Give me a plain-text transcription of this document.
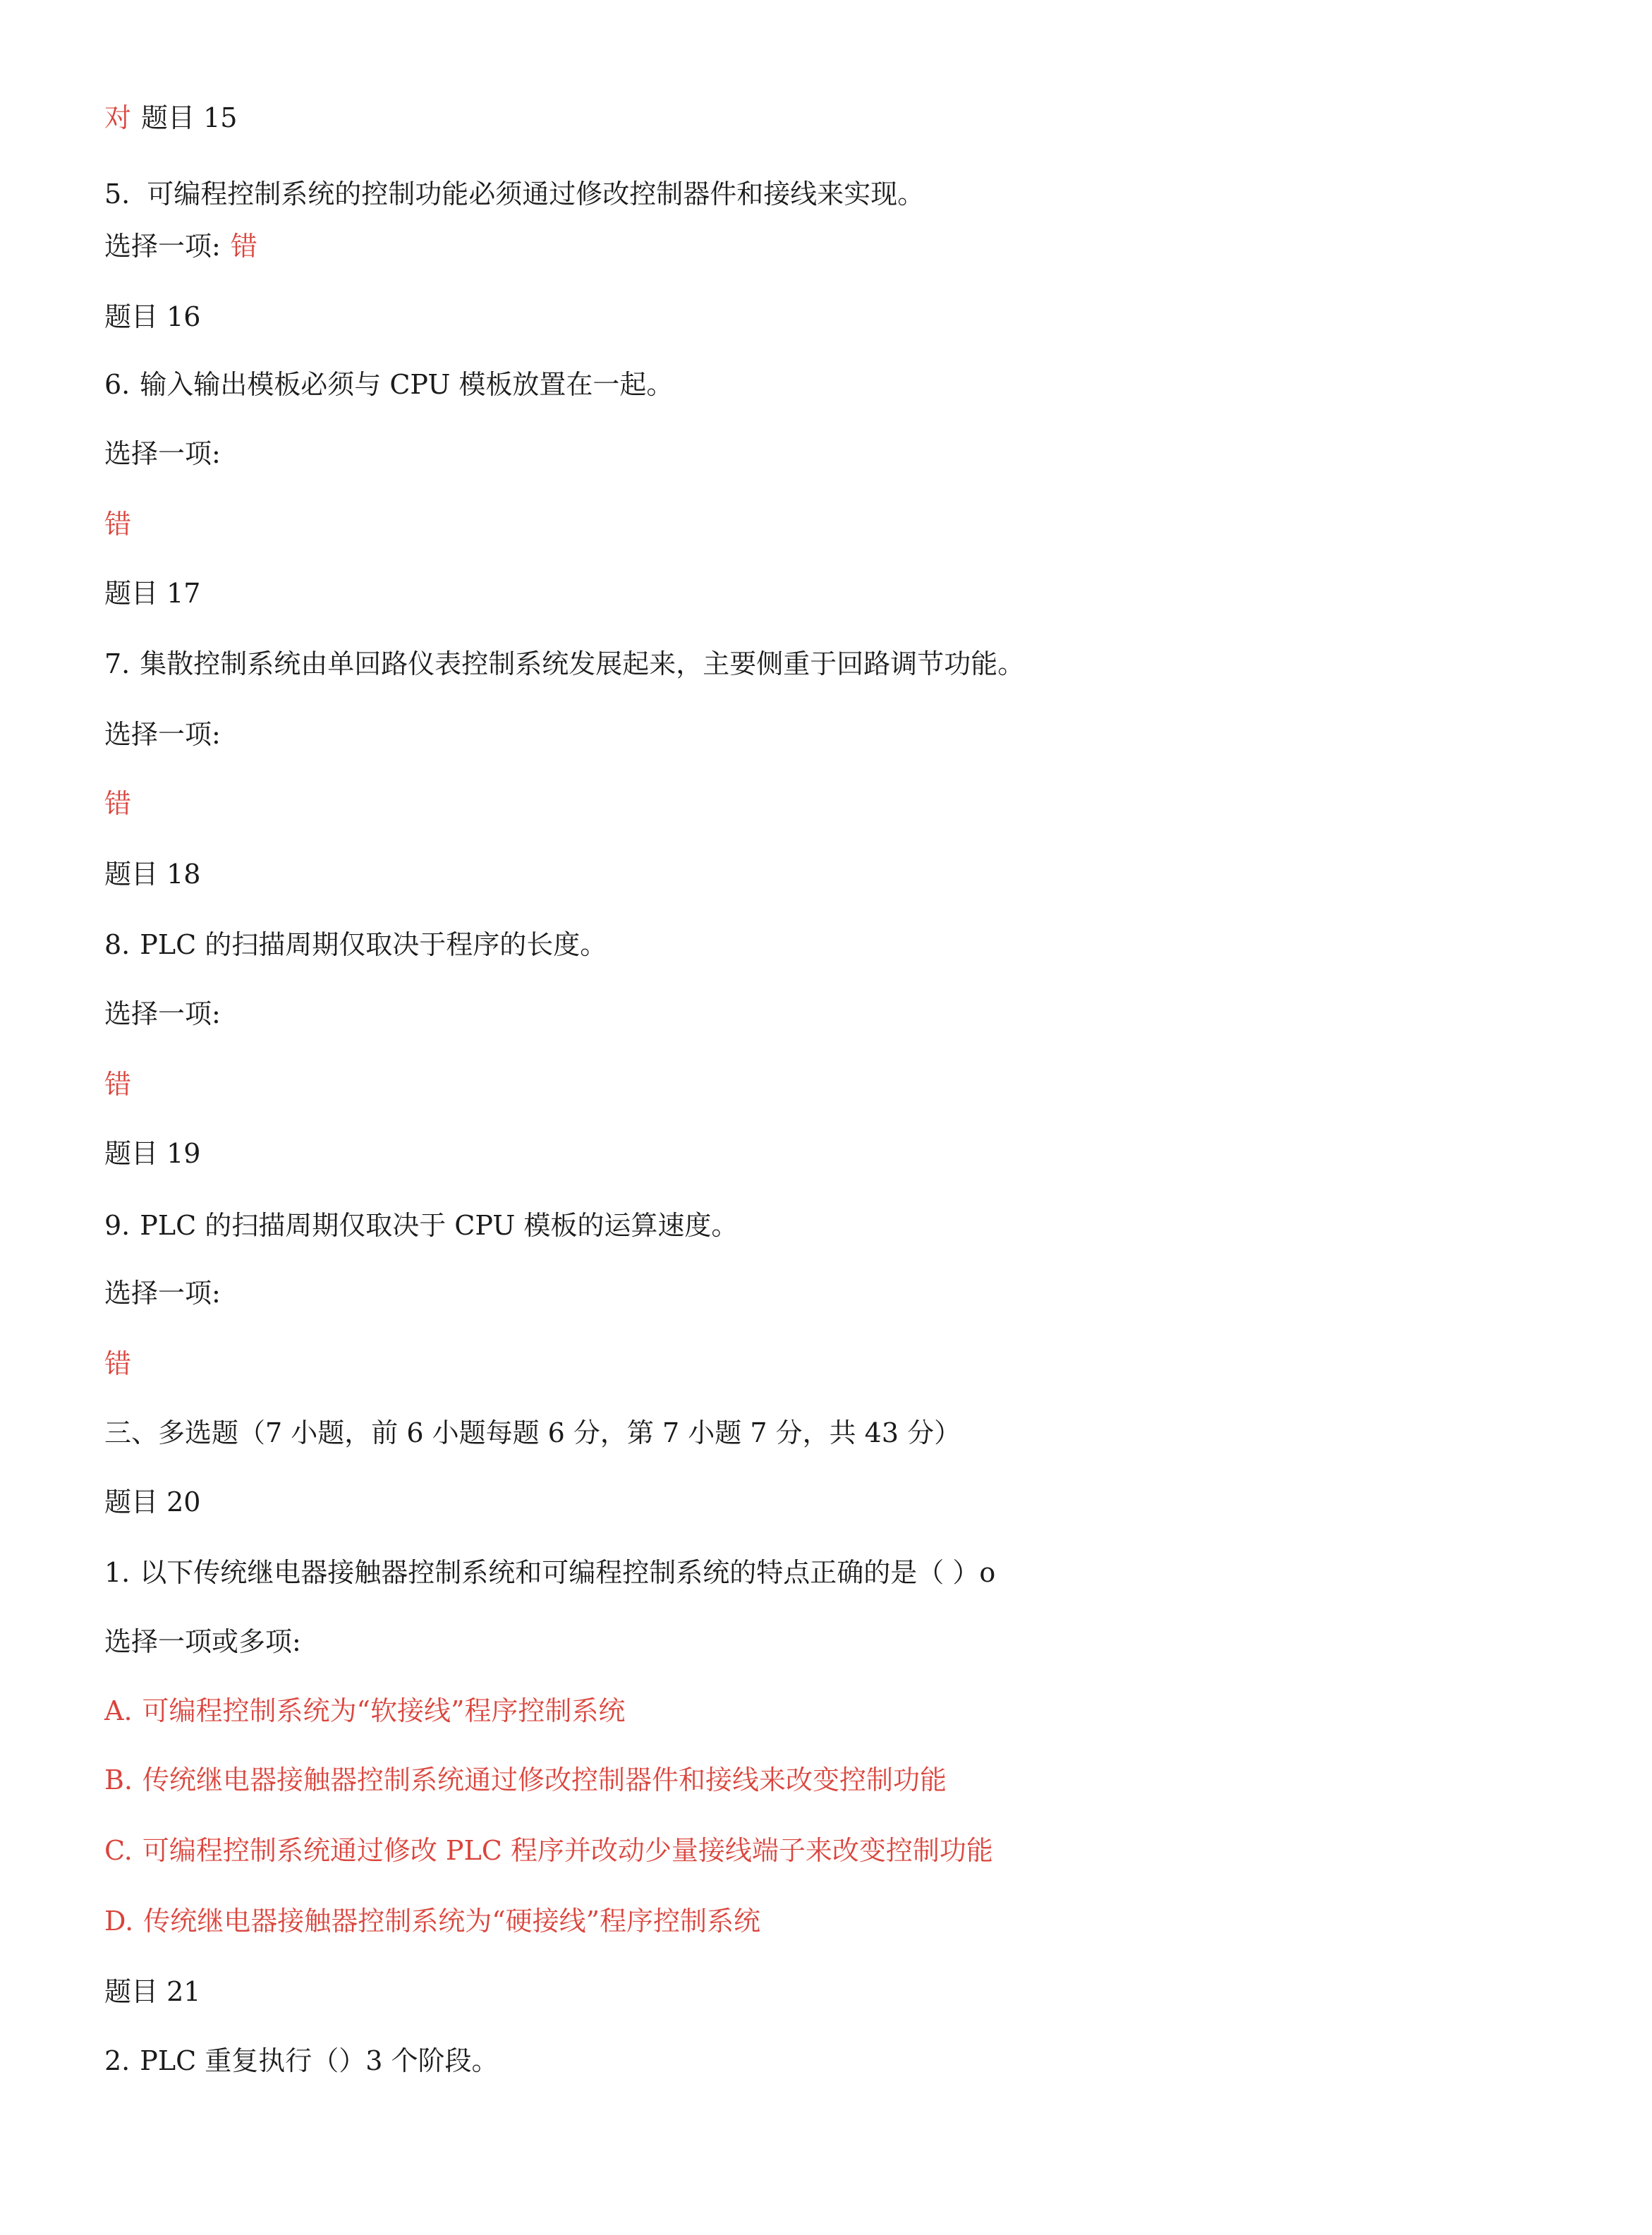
对 题目 15
5. 可编程控制系统的控制功能必须通过修改控制器件和接线来实现。
选择一项: 错
题目 16
6. 输入输出模板必须与 CPU 模板放置在一起。
选择一项:
错
题目 17
7. 集散控制系统由单回路仪表控制系统发展起来，主要侧重于回路调节功能。
选择一项:
错
题目 18
8. PLC 的扫描周期仅取决于程序的长度。
选择一项:
错
题目 19
9. PLC 的扫描周期仅取决于 CPU 模板的运算速度。
选择一项:
错
三、多选题（7 小题，前 6 小题每题 6 分，第 7 小题 7 分，共 43 分）
题目 20
1. 以下传统继电器接触器控制系统和可编程控制系统的特点正确的是（ ）o
选择一项或多项:
A. 可编程控制系统为“软接线”程序控制系统
B. 传统继电器接触器控制系统通过修改控制器件和接线来改变控制功能
C. 可编程控制系统通过修改 PLC 程序并改动少量接线端子来改变控制功能
D. 传统继电器接触器控制系统为“硬接线”程序控制系统
题目 21
2. PLC 重复执行（）3 个阶段。
